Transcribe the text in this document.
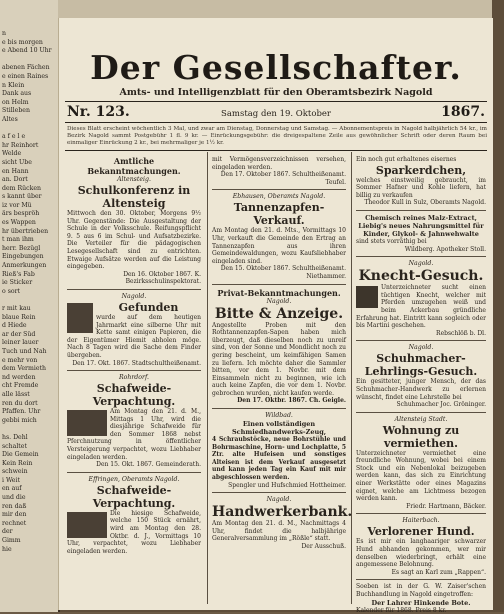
n
e bis morgen
e Abend 10 Uhr

abenen Fächen
e einen Raines
n Klein
Dank aus
on Helm
Stilleben
Altes

a f e l e
hr Reinhort
Welde
sicht Ube
en Hann
an. Dort
dem Rücken
s kannt über
iz vor Mü
ärs bespröh
es Wappen
hr übertrieben
t man ihm
herr. Bezügl
Eingebungen
Anmerkungen
Rieß's Fab
ie Sticker
o sort

r mit kau
blaue Rein
d Hiede
ar der Süd
leiner lauer
Tuch und Nah
e mehr von
dem Vermieth
nd werden
cht Fremde
alle lässt
ren du dort
Pfaffen. Uhr
gebbi mich

hs. Dehl
schaltet
Die Gemein
Kein Rein
schwein
i Weit
en auf
und die
ren daß
mir den
rechnet
der
Gimm
hie
Der Gesellschafter.
Amts- und Intelligenzblatt für den Oberamtsbezirk Nagold
Nr. 123.	Samstag den 19. Oktober	1867.
Dieses Blatt erscheint wöchentlich 3 Mal, und zwar am Dienstag, Donnerstag und Samstag. — Abonnementspreis in Nagold halbjährlich 54 kr., im Bezirk Nagold sammt Postgebühr 1 fl. 9 kr. — Einrückungsgebühr: die dreigespaltene Zeile aus gewöhnlicher Schrift oder deren Raum bei einmaliger Einrückung 2 kr., bei mehrmaliger je 1½ kr.
Amtliche Bekanntmachungen.
Altensteig.
Schulkonferenz in Altensteig
Mittwoch den 30. Oktober, Morgens 9½ Uhr. Gegenstände: Die Ausgestaltung der Schule in der Volksschule. Reifungspflicht 9. 5 aus 6 im Schul- und Aufsatzbezirke. Die Verteiler für die pädagogischen Lesegesellschaft sind zu entrichten. Etwaige Aufsätze werden auf die Leistung eingegeben.
Den 16. Oktober 1867. K. Bezirksschulinspektorat.
Nagold.
Gefunden
wurde auf dem heutigen Jahrmarkt eine silberne Uhr mit Kette samt einigen Papieren, die der Eigentümer Hiemit abholen möge. Nach 8 Tagen wird die Sache dem Finder übergeben.
Den 17. Okt. 1867. Stadtschultheißenamt.
Rohrdorf.
Schafweide-Verpachtung.
Am Montag den 21. d. M., Mittags 1 Uhr, wird die diesjährige Schafweide für den Sommer 1868 nebst Pferchnutzung in öffentlicher Versteigerung verpachtet, wozu Liebhaber eingeladen werden.
Den 15. Okt. 1867. Gemeinderath.
Effringen, Oberamts Nagold.
Schafweide-Verpachtung.
Die hiesige Schafweide, welche 150 Stück ernährt, wird am Montag den 28. Oktbr. d. J., Vormittags 10 Uhr, verpachtet, wozu Liebhaber eingeladen werden.
mit Vermögensverzeichnissen versehen, eingeladen werden.
Den 17. Oktober 1867. Schultheißenamt. Teufel.
Ebhausen, Oberamts Nagold.
Tannenzapfen-Verkauf.
Am Montag den 21. d. Mts., Vormittags 10 Uhr, verkauft die Gemeinde den Ertrag an Tannenzapfen aus ihren Gemeindewaldungen, wozu Kaufsliebhaber eingeladen sind.
Den 15. Oktober 1867. Schultheißenamt. Niethammer.
Privat-Bekanntmachungen.
Nagold.
Bitte & Anzeige.
Angestellte Proben mit den Rothtannenzapfen-Sapen haben mich überzeugt, daß dieselben noch zu unreif sind, von der Sonne und Mondlicht noch zu gering bescheint, um keimfähigen Samen zu liefern. Ich möchte daher die Sammler bitten, vor dem 1. Novbr. mit dem Einsammeln nicht zu beginnen, wie ich auch keine Zapfen, die vor dem 1. Novbr. gebrochen wurden, nicht kaufen werde.
Den 17. Oktbr. 1867. Ch. Geigle.
Wildbad.
Einen vollständigen Schmiedhandwerks-Zeug,
4 Schraubstöcke, neue Bohrstühle und Bohrmaschine, Horn- und Lochplatte, 5 Ztr. alte Hufeisen und sonstiges Alteisen ist dem Verkauf ausgesetzt und kann jeden Tag ein Kauf mit mir abgeschlossen werden.
Spengler und Hufschmied Hottheimer.
Nagold.
Handwerkerbank.
Am Montag den 21. d. M., Nachmittags 4 Uhr, findet die halbjährige Generalversammlung im „Rößle“ statt.
Der Ausschuß.
Ein noch gut erhaltenes eisernes
Sparkerdchen,
welches einstweilig gebraucht, im Sommer Hafner und Kohle liefern, hat billig zu verkaufen
Theodor Kull in Sulz, Oberamts Nagold.
Chemisch reines Malz-Extract,
Liebig's neues Nahrungsmittel für Kinder, Glykol- & Jahnwehwalte
sind stets vorräthig bei
Wildberg. Apotheker Stoll.
Nagold.
Knecht-Gesuch.
Unterzeichneter sucht einen tüchtigen Knecht, welcher mit Pferden umzugehen weiß und beim Ackerbau gründliche Erfahrung hat. Eintritt kann sogleich oder bis Martini geschehen.
Rebschlöß b. Dl.
Nagold.
Schuhmacher-Lehrlings-Gesuch.
Ein gesitteter, junger Mensch, der das Schuhmacher-Handwerk zu erlernen wünscht, findet eine Lehrstelle bei
Schuhmacher Joc. Gröninger.
Altensteig Stadt.
Wohnung zu vermiethen.
Unterzeichneter vermiethet eine freundliche Wohnung, wobei bei einem Stock und ein Nebenlokal beizugeben werden kann, das sich zu Einrichtung einer Werkstätte oder eines Magazins eignet, welche am Lichtmess bezogen werden kann.
Friedr. Hartmann, Bäcker.
Haiterbach.
Verlorener Hund.
Es ist mir ein langhaariger schwarzer Hund abhanden gekommen, wer mir denselben wiederbringt, erhält eine angemessene Belohnung.
Es sagt an Karl zum „Rappen“.
Soeben ist in der G. W. Zaiser'schen Buchhandlung in Nagold eingetroffen:
Der Lahrer Hinkende Bote.
Kalender für 1868. Preis 8 kr.
